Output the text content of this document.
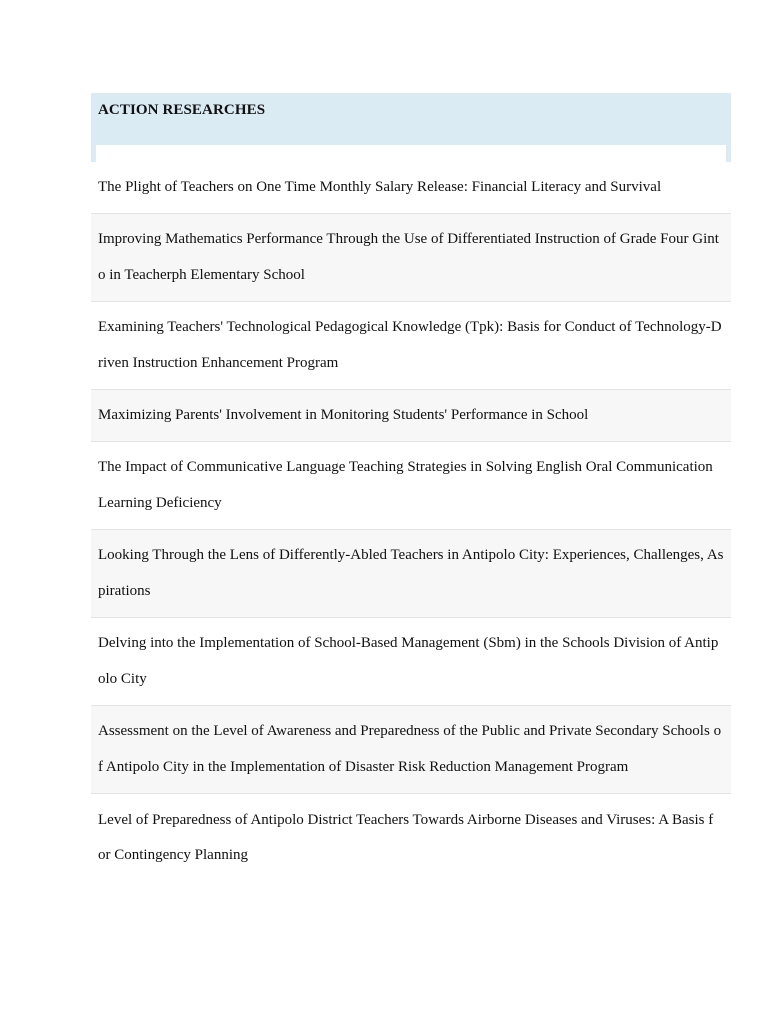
ACTION RESEARCHES
The Plight of Teachers on One Time Monthly Salary Release: Financial Literacy and Survival
Improving Mathematics Performance Through the Use of Differentiated Instruction of Grade Four Gint o in Teacherph Elementary School
Examining Teachers' Technological Pedagogical Knowledge (Tpk): Basis for Conduct of Technology-Driven Instruction Enhancement Program
Maximizing Parents' Involvement in Monitoring Students' Performance in School
The Impact of Communicative Language Teaching Strategies in Solving English Oral Communication Learning Deficiency
Looking Through the Lens of Differently-Abled Teachers in Antipolo City: Experiences, Challenges, Aspirations
Delving into the Implementation of School-Based Management (Sbm) in the Schools Division of Antip olo City
Assessment on the Level of Awareness and Preparedness of the Public and Private Secondary Schools of Antipolo City in the Implementation of Disaster Risk Reduction Management Program
Level of Preparedness of Antipolo District Teachers Towards Airborne Diseases and Viruses: A Basis f or Contingency Planning
